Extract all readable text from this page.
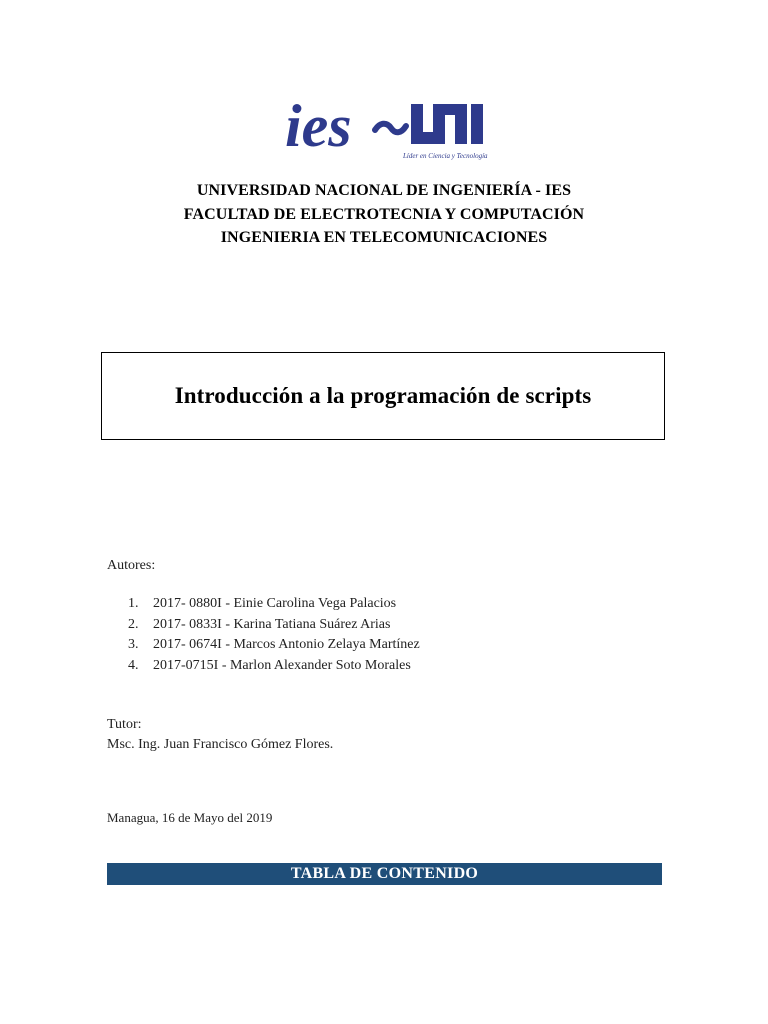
ies	Líder en Ciencia y Tecnología
UNIVERSIDAD NACIONAL DE INGENIERÍA - IES
FACULTAD DE ELECTROTECNIA Y COMPUTACIÓN
INGENIERIA EN TELECOMUNICACIONES
Introducción a la programación de scripts
Autores:
1. 2017- 0880I - Einie Carolina Vega Palacios
2. 2017- 0833I - Karina Tatiana Suárez Arias
3. 2017- 0674I - Marcos Antonio Zelaya Martínez
4. 2017-0715I - Marlon Alexander Soto Morales
Tutor:
Msc. Ing. Juan Francisco Gómez Flores.
Managua, 16 de Mayo del 2019
TABLA DE CONTENIDO
